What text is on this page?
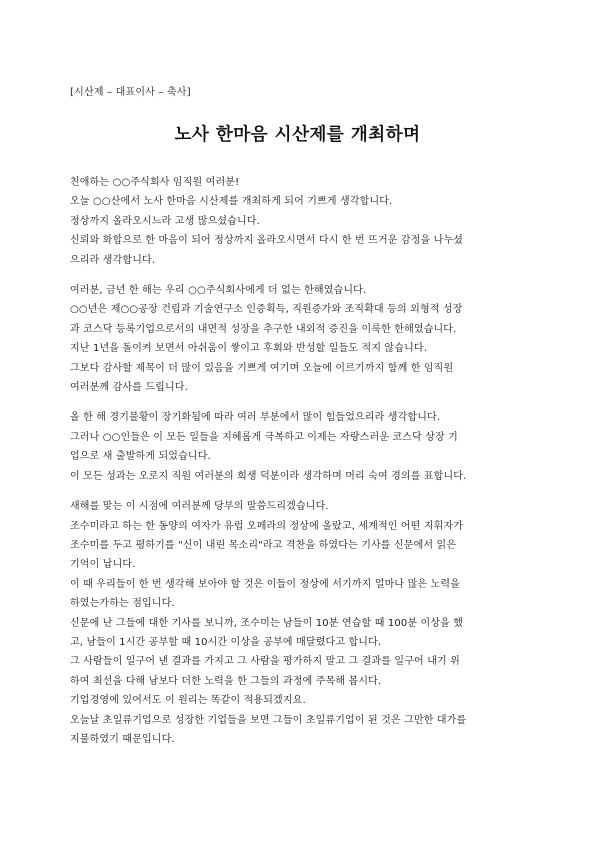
[시산제 – 대표이사 – 축사]
노사 한마음 시산제를 개최하며
친애하는 ○○주식회사 임직원 여러분!
오늘 ○○산에서 노사 한마음 시산제를 개최하게 되어 기쁘게 생각합니다.
정상까지 올라오시느라 고생 많으셨습니다.
신뢰와 화합으로 한 마음이 되어 정상까지 올라오시면서 다시 한 번 뜨거운 감정을 나누셨
으리라 생각합니다.
여러분, 금년 한 해는 우리 ○○주식회사에게 더 없는 한해였습니다.
○○년은 제○○공장 건립과 기술연구소 인증획득, 직원증가와 조직확대 등의 외형적 성장
과 코스닥 등록기업으로서의 내면적 성장을 추구한 내외적 증진을 이룩한 한해였습니다.
지난 1년을 돌이켜 보면서 아쉬움이 쌓이고 후회와 반성할 일들도 적지 않습니다.
그보다 감사할 제목이 더 많이 있음을 기쁘게 여기며 오늘에 이르기까지 함께 한 임직원
여러분께 감사를 드립니다.
올 한 해 경기불황이 장기화됨에 따라 여러 부분에서 많이 힘들었으리라 생각합니다.
그러나 ○○인들은 이 모든 일들을 지혜롭게 극복하고 이제는 자랑스러운 코스닥 상장 기
업으로 새 출발하게 되었습니다.
이 모든 성과는 오로지 직원 여러분의 희생 덕분이라 생각하며 머리 숙여 경의를 표합니다.
새해를 맞는 이 시점에 여러분께 당부의 말씀드리겠습니다.
조수미라고 하는 한 동양의 여자가 유럽 오페라의 정상에 올랐고, 세계적인 어떤 지휘자가
조수미를 두고 평하기를 "신이 내린 목소리"라고 격찬을 하였다는 기사를 신문에서 읽은
기억이 납니다.
이 때 우리들이 한 번 생각해 보아야 할 것은 이들이 정상에 서기까지 얼마나 많은 노력을
하였는가하는 점입니다.
신문에 난 그들에 대한 기사를 보니까, 조수미는 남들이 10분 연습할 때 100분 이상을 했
고, 남들이 1시간 공부할 때 10시간 이상을 공부에 매달렸다고 합니다.
그 사람들이 일구어 낸 결과를 가지고 그 사람을 평가하지 말고 그 결과를 일구어 내기 위
하여 최선을 다해 남보다 더한 노력을 한 그들의 과정에 주목해 봅시다.
기업경영에 있어서도 이 원리는 똑같이 적용되겠지요.
오늘날 초일류기업으로 성장한 기업들을 보면 그들이 초일류기업이 된 것은 그만한 대가를
지불하였기 때문입니다.
